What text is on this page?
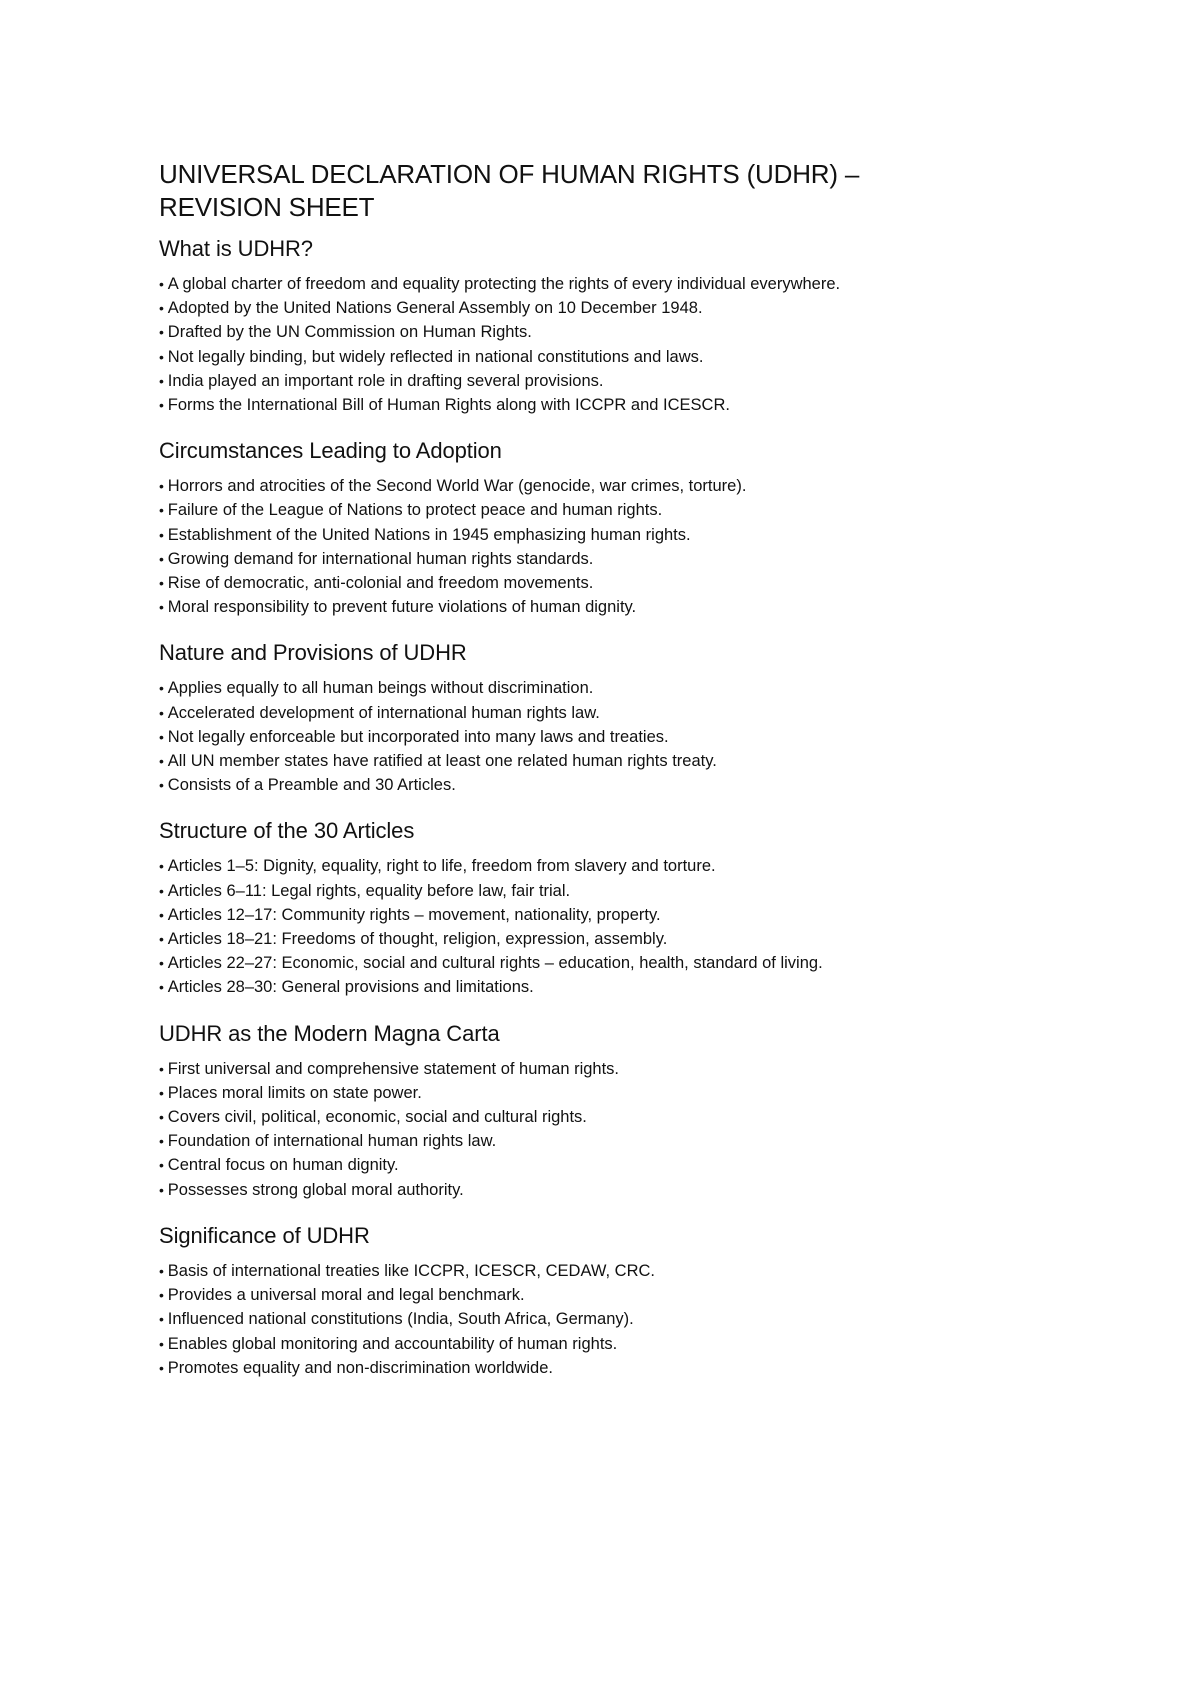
UNIVERSAL DECLARATION OF HUMAN RIGHTS (UDHR) –
REVISION SHEET
What is UDHR?
• A global charter of freedom and equality protecting the rights of every individual everywhere.
• Adopted by the United Nations General Assembly on 10 December 1948.
• Drafted by the UN Commission on Human Rights.
• Not legally binding, but widely reflected in national constitutions and laws.
• India played an important role in drafting several provisions.
• Forms the International Bill of Human Rights along with ICCPR and ICESCR.
Circumstances Leading to Adoption
• Horrors and atrocities of the Second World War (genocide, war crimes, torture).
• Failure of the League of Nations to protect peace and human rights.
• Establishment of the United Nations in 1945 emphasizing human rights.
• Growing demand for international human rights standards.
• Rise of democratic, anti-colonial and freedom movements.
• Moral responsibility to prevent future violations of human dignity.
Nature and Provisions of UDHR
• Applies equally to all human beings without discrimination.
• Accelerated development of international human rights law.
• Not legally enforceable but incorporated into many laws and treaties.
• All UN member states have ratified at least one related human rights treaty.
• Consists of a Preamble and 30 Articles.
Structure of the 30 Articles
• Articles 1–5: Dignity, equality, right to life, freedom from slavery and torture.
• Articles 6–11: Legal rights, equality before law, fair trial.
• Articles 12–17: Community rights – movement, nationality, property.
• Articles 18–21: Freedoms of thought, religion, expression, assembly.
• Articles 22–27: Economic, social and cultural rights – education, health, standard of living.
• Articles 28–30: General provisions and limitations.
UDHR as the Modern Magna Carta
• First universal and comprehensive statement of human rights.
• Places moral limits on state power.
• Covers civil, political, economic, social and cultural rights.
• Foundation of international human rights law.
• Central focus on human dignity.
• Possesses strong global moral authority.
Significance of UDHR
• Basis of international treaties like ICCPR, ICESCR, CEDAW, CRC.
• Provides a universal moral and legal benchmark.
• Influenced national constitutions (India, South Africa, Germany).
• Enables global monitoring and accountability of human rights.
• Promotes equality and non-discrimination worldwide.
